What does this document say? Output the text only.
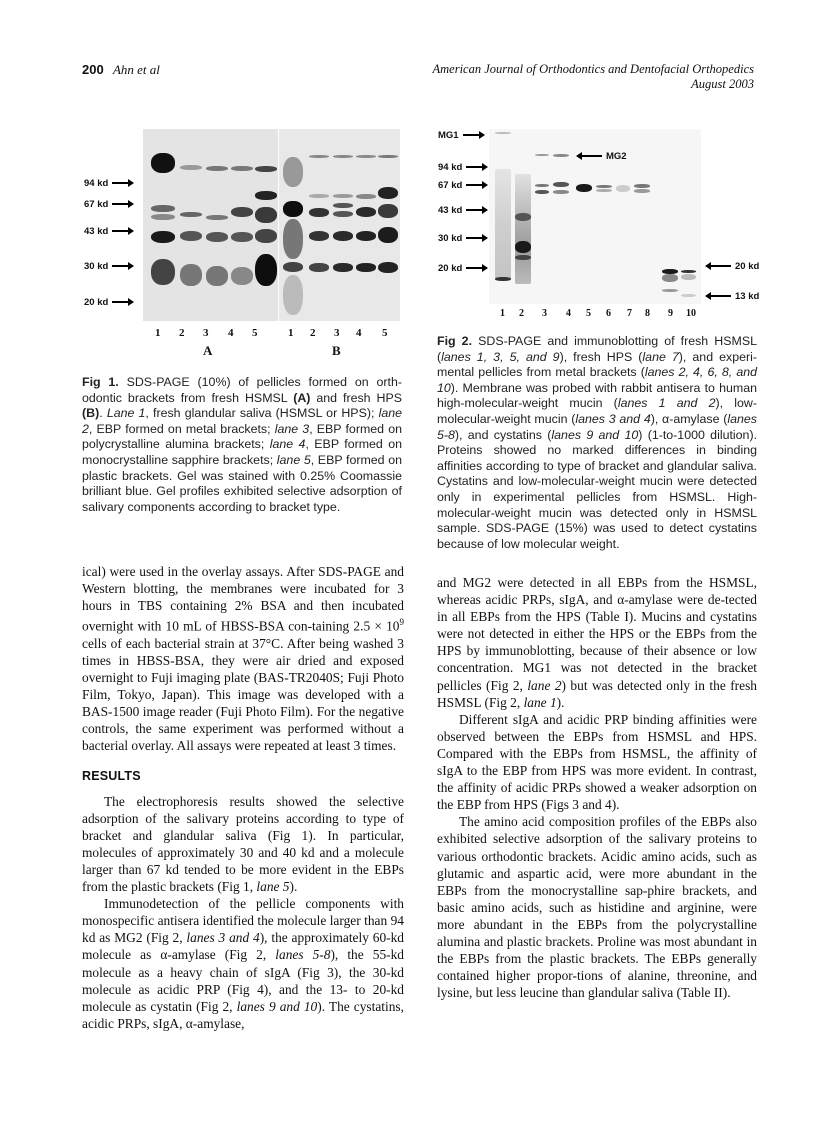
200 Ahn et al	American Journal of Orthodontics and Dentofacial Orthopedics
August 2003
94 kd
67 kd
43 kd
30 kd
20 kd
1 2 3 4 5	1 2 3 4 5
A	B
Fig 1. SDS-PAGE (10%) of pellicles formed on orth-odontic brackets from fresh HSMSL (A) and fresh HPS (B). Lane 1, fresh glandular saliva (HSMSL or HPS); lane 2, EBP formed on metal brackets; lane 3, EBP formed on polycrystalline alumina brackets; lane 4, EBP formed on monocrystalline sapphire brackets; lane 5, EBP formed on plastic brackets. Gel was stained with 0.25% Coomassie brilliant blue. Gel profiles exhibited selective adsorption of salivary components according to bracket type.
MG1
94 kd
67 kd
43 kd
30 kd
20 kd
MG2
20 kd
13 kd
1 2 3 4 5 6 7 8 9 10
Fig 2. SDS-PAGE and immunoblotting of fresh HSMSL (lanes 1, 3, 5, and 9), fresh HPS (lane 7), and experi-mental pellicles from metal brackets (lanes 2, 4, 6, 8, and 10). Membrane was probed with rabbit antisera to human high-molecular-weight mucin (lanes 1 and 2), low-molecular-weight mucin (lanes 3 and 4), α-amylase (lanes 5-8), and cystatins (lanes 9 and 10) (1-to-1000 dilution). Proteins showed no marked differences in binding affinities according to type of bracket and glandular saliva. Cystatins and low-molecular-weight mucin were detected only in experimental pellicles from HSMSL. High-molecular-weight mucin was detected only in HSMSL sample. SDS-PAGE (15%) was used to detect cystatins because of low molecular weight.

ical) were used in the overlay assays. After SDS-PAGE and Western blotting, the membranes were incubated for 3 hours in TBS containing 2% BSA and then incubated overnight with 10 mL of HBSS-BSA con-taining $2.5 \times 10^9$ cells of each bacterial strain at 37°C. After being washed 3 times in HBSS-BSA, they were air dried and exposed overnight to Fuji imaging plate (BAS-TR2040S; Fuji Photo Film, Tokyo, Japan). This image was developed with a BAS-1500 image reader (Fuji Photo Film). For the negative controls, the same experiment was performed without a bacterial overlay. All assays were repeated at least 3 times.

RESULTS

The electrophoresis results showed the selective adsorption of the salivary proteins according to type of bracket and glandular saliva (Fig 1). In particular, molecules of approximately 30 and 40 kd and a molecule larger than 67 kd tended to be more evident in the EBPs from the plastic brackets (Fig 1, lane 5).

Immunodetection of the pellicle components with monospecific antisera identified the molecule larger than 94 kd as MG2 (Fig 2, lanes 3 and 4), the approximately 60-kd molecule as α-amylase (Fig 2, lanes 5-8), the 55-kd molecule as a heavy chain of sIgA (Fig 3), the 30-kd molecule as acidic PRP (Fig 4), and the 13- to 20-kd molecule as cystatin (Fig 2, lanes 9 and 10). The cystatins, acidic PRPs, sIgA, α-amylase,

and MG2 were detected in all EBPs from the HSMSL, whereas acidic PRPs, sIgA, and α-amylase were de-tected in all EBPs from the HPS (Table I). Mucins and cystatins were not detected in either the HPS or the EBPs from the HPS by immunoblotting, because of their absence or low concentration. MG1 was not detected in the bracket pellicles (Fig 2, lane 2) but was detected only in the fresh HSMSL (Fig 2, lane 1).

Different sIgA and acidic PRP binding affinities were observed between the EBPs from HSMSL and HPS. Compared with the EBPs from HSMSL, the affinity of sIgA to the EBP from HPS was more evident. In contrast, the affinity of acidic PRPs showed a weaker adsorption on the EBP from HPS (Figs 3 and 4).

The amino acid composition profiles of the EBPs also exhibited selective adsorption of the salivary proteins to various orthodontic brackets. Acidic amino acids, such as glutamic and aspartic acid, were more abundant in the EBPs from the monocrystalline sap-phire brackets, and basic amino acids, such as histidine and arginine, were more abundant in the EBPs from the polycrystalline alumina and plastic brackets. Proline was most abundant in the EBPs from the plastic brackets. The EBPs generally contained higher propor-tions of alanine, threonine, and lysine, but less leucine than glandular saliva (Table II).
